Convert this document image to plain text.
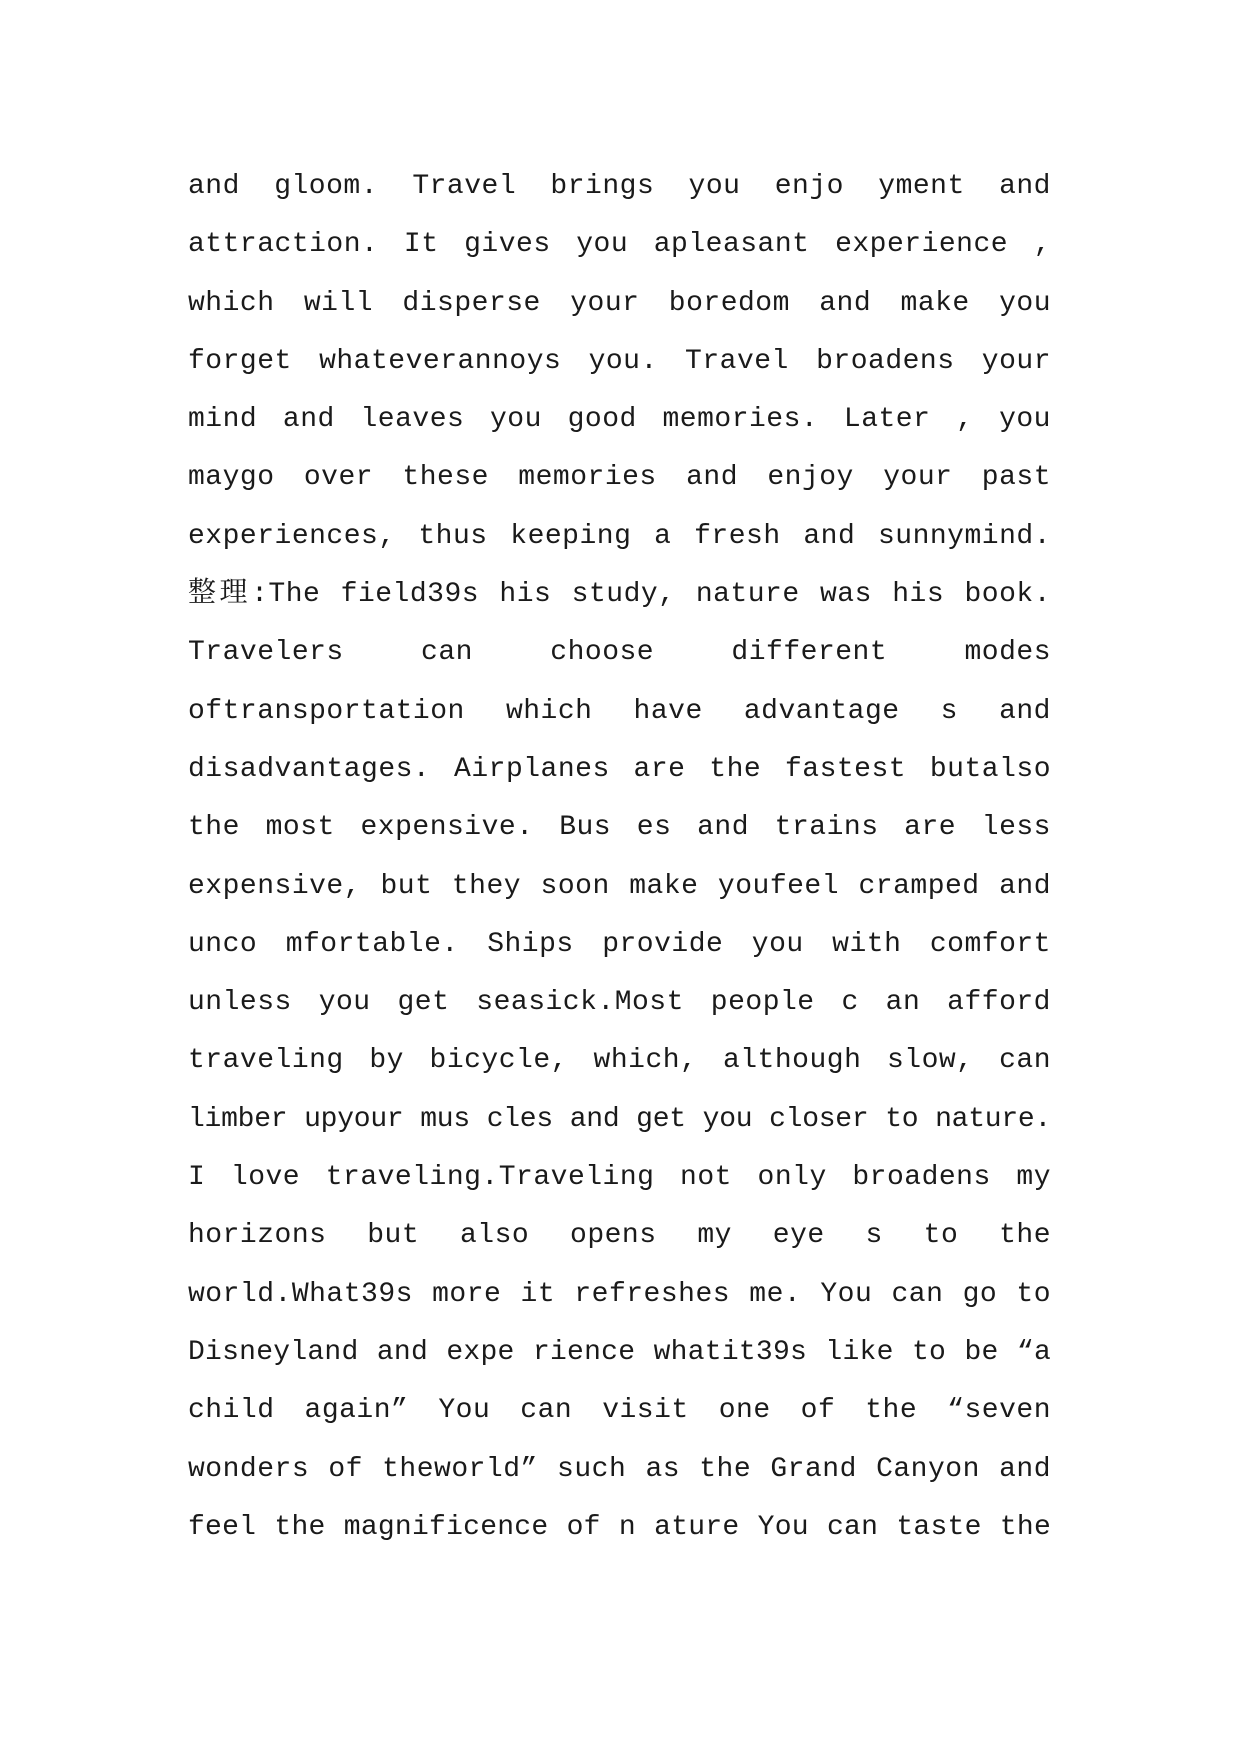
and gloom. Travel brings you enjo yment and
attraction. It gives you apleasant experience ,
which will disperse your boredom and make you
forget whateverannoys you. Travel broadens your
mind and leaves you good memories. Later , you
maygo over these memories and enjoy your past
experiences, thus keeping a fresh and sunnymind.
整理:The field39s his study, nature was his book.
Travelers can choose different modes
oftransportation which have advantage s and
disadvantages. Airplanes are the fastest butalso
the most expensive. Bus es and trains are less
expensive, but they soon make youfeel cramped and
unco mfortable. Ships provide you with comfort
unless you get seasick.Most people c an afford
traveling by bicycle, which, although slow, can
limber upyour mus cles and get you closer to nature.
I love traveling.Traveling not only broadens my
horizons but also opens my eye s to the
world.What39s more it refreshes me. You can go to
Disneyland and expe rience whatit39s like to be “a
child again” You can visit one of the “seven
wonders of theworld” such as the Grand Canyon and
feel the magnificence of n ature You can taste the
